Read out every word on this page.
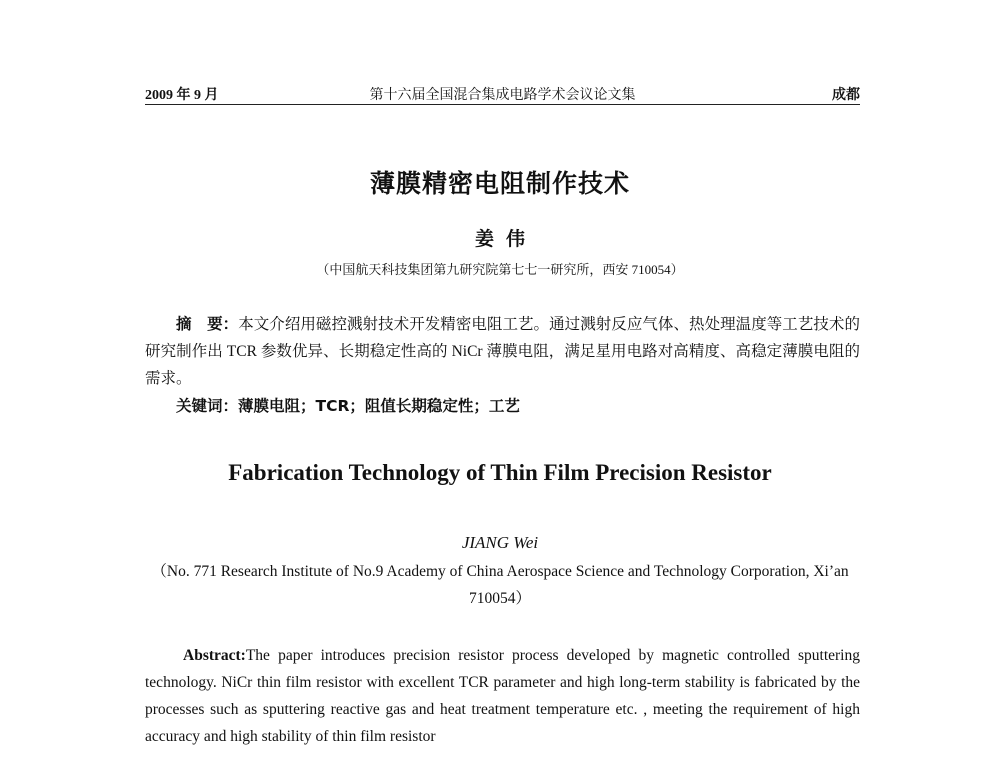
2009 年 9 月	第十六届全国混合集成电路学术会议论文集	成都
薄膜精密电阻制作技术
姜伟
（中国航天科技集团第九研究院第七七一研究所，西安 710054）

摘　要：本文介绍用磁控溅射技术开发精密电阻工艺。通过溅射反应气体、热处理温度等工艺技术的研究制作出 TCR 参数优异、长期稳定性高的 NiCr 薄膜电阻，满足星用电路对高精度、高稳定薄膜电阻的需求。

关键词：薄膜电阻；TCR；阻值长期稳定性；工艺

Fabrication Technology of Thin Film Precision Resistor
JIANG Wei

（No. 771 Research Institute of No.9 Academy of China Aerospace Science and Technology Corporation, Xi’an 710054）

Abstract:The paper introduces precision resistor process developed by magnetic controlled sputtering technology. NiCr thin film resistor with excellent TCR parameter and high long-term stability is fabricated by the processes such as sputtering reactive gas and heat treatment temperature etc. , meeting the requirement of high accuracy and high stability of thin film resistor
